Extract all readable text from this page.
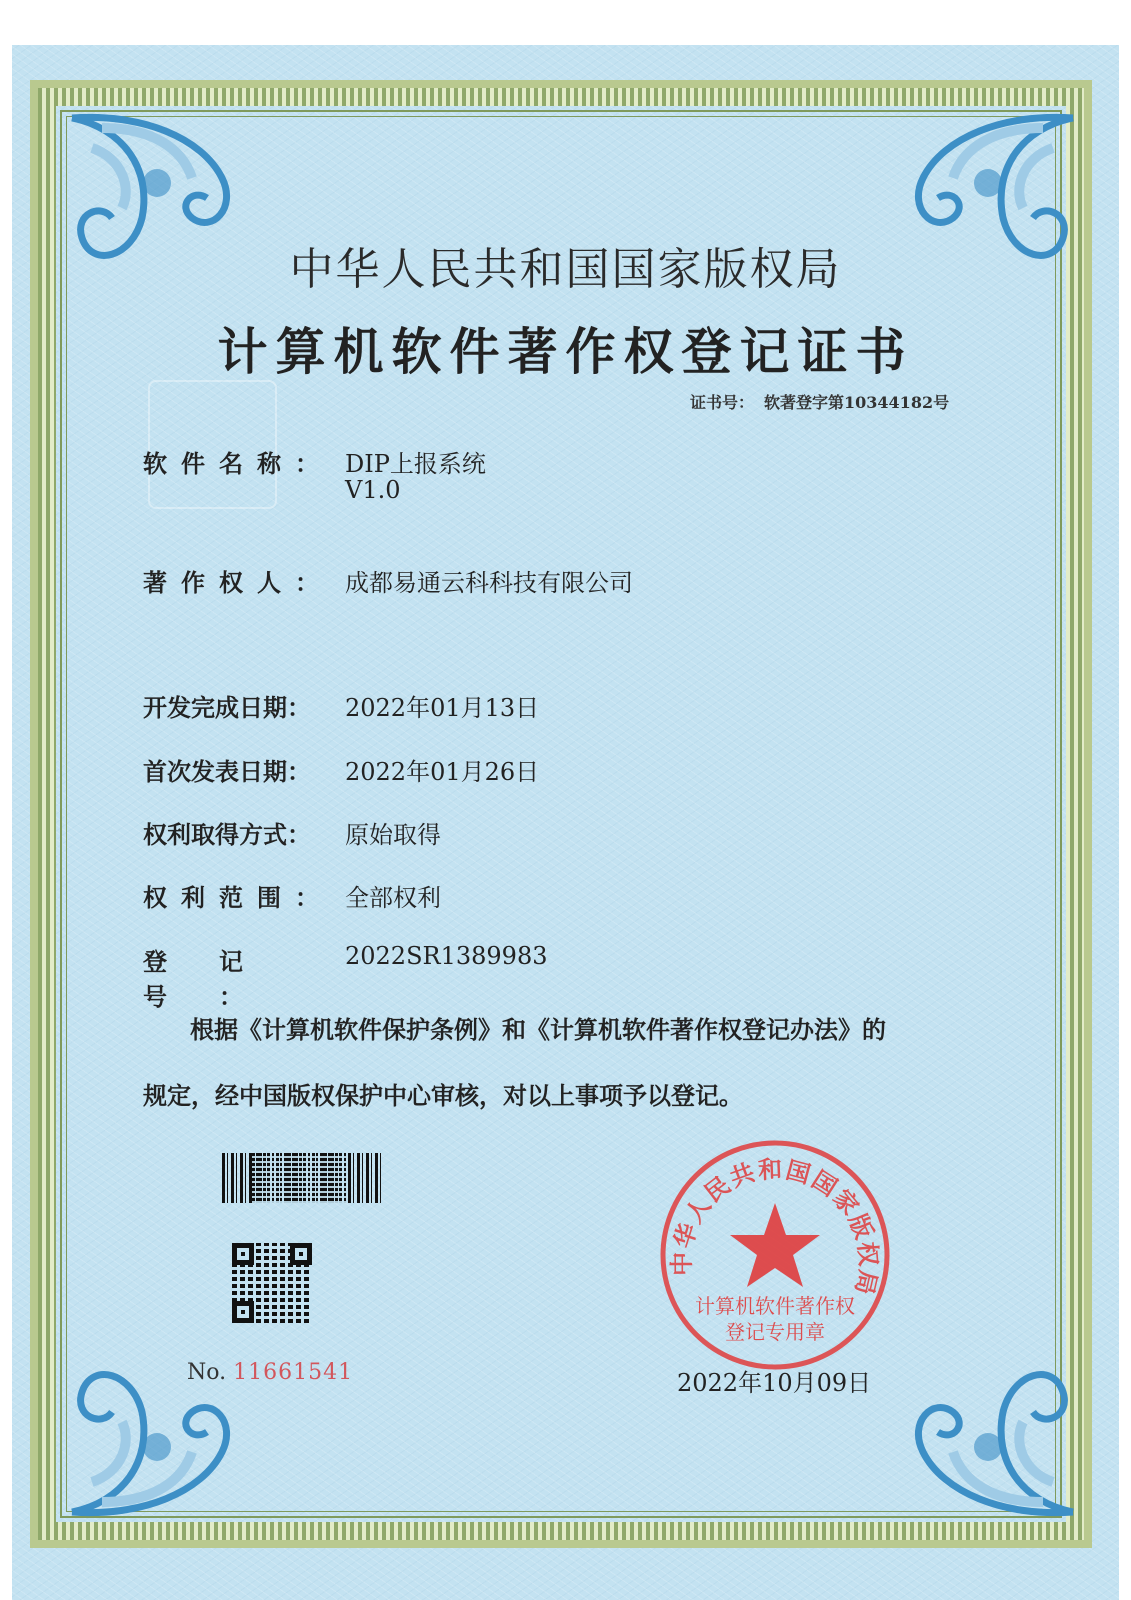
中华人民共和国国家版权局
计算机软件著作权登记证书
证书号： 软著登字第10344182号
软件名称： DIP上报系统
V1.0
著作权人： 成都易通云科科技有限公司
开发完成日期： 2022年01月13日
首次发表日期： 2022年01月26日
权利取得方式： 原始取得
权利范围： 全部权利
登记号：
2022SR1389983
根据《计算机软件保护条例》和《计算机软件著作权登记办法》的
规定，经中国版权保护中心审核，对以上事项予以登记。
No. 11661541
中华人民共和国国家版权局
计算机软件著作权
登记专用章
2022年10月09日
